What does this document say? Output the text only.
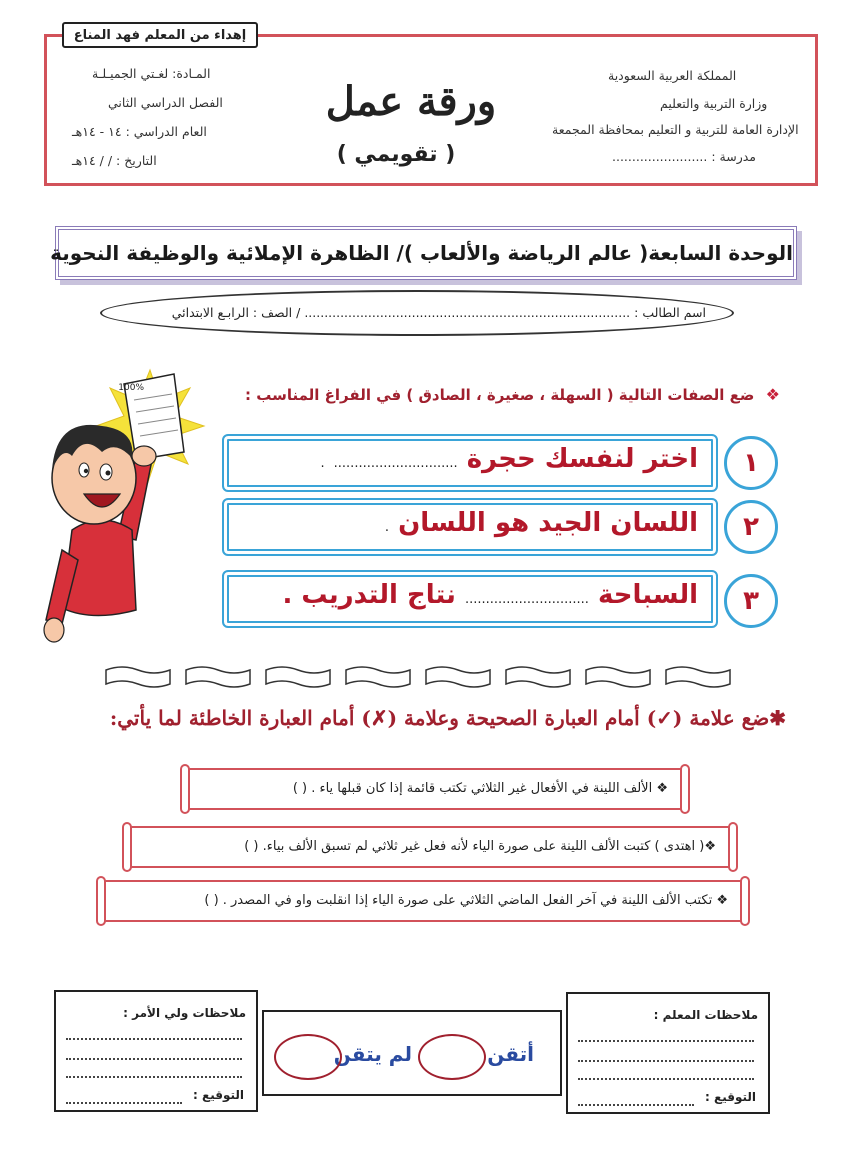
إهداء من المعلم فهد المناع
المملكة العربية السعودية
وزارة التربية والتعليم
الإدارة العامة للتربية و التعليم بمحافظة المجمعة
مدرسة : ........................
المـادة: لغـتي الجميـلـة
الفصل الدراسي الثاني
العام الدراسي : ١٤ - ١٤هـ
التاريخ : / / ١٤هـ
ورقة عمل
( تقويمي )
الوحدة السابعة( عالم الرياضة والألعاب )/ الظاهرة الإملائية والوظيفة النحوية
اسم الطالب : .................................................................................. / الصف : الرابـع الابتدائي
100%	❖ ضع الصفات التالية ( السهلة ، صغيرة ، الصادق ) في الفراغ المناسب :
١
اختر لنفسك حجرة .............................. .
٢
اللسان الجيد هو اللسان .
٣
السباحة .............................. نتاج التدريب .
✱ضع علامة (✓) أمام العبارة الصحيحة وعلامة (✗) أمام العبارة الخاطئة لما يأتي:
❖ الألف اللينة في الأفعال غير الثلاثي تكتب قائمة إذا كان قبلها ياء . ( )
❖( اهتدى ) كتبت الألف اللينة على صورة الياء لأنه فعل غير ثلاثي لم تسبق الألف بياء. ( )
❖ تكتب الألف اللينة في آخر الفعل الماضي الثلاثي على صورة الياء إذا انقلبت واو في المصدر . ( )
ملاحظات المعلم :
التوقيع :
أتقن
لم يتقن
ملاحظات ولي الأمر :
التوقيع :
